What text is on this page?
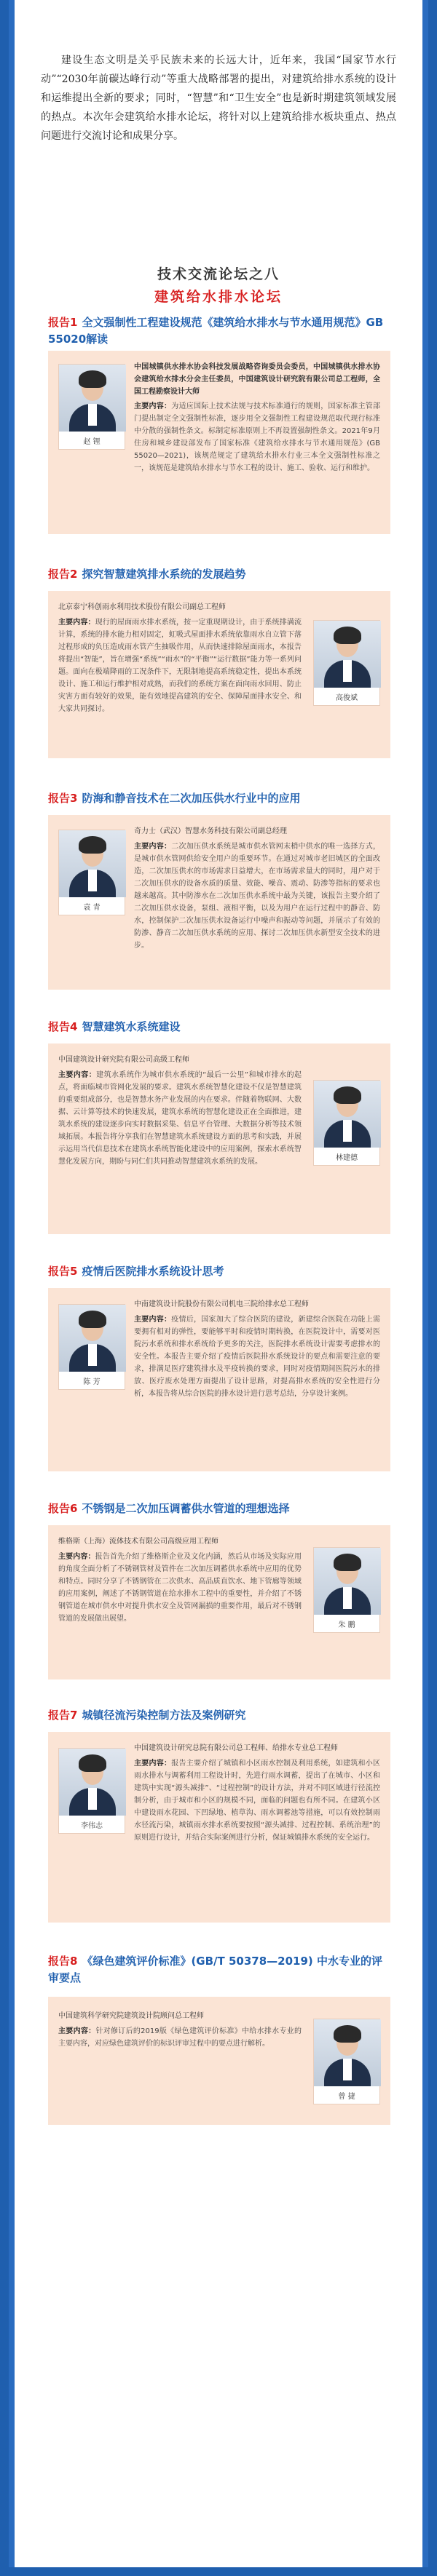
建设生态文明是关乎民族未来的长远大计，近年来，我国“国家节水行动”“2030年前碳达峰行动”等重大战略部署的提出，对建筑给排水系统的设计和运维提出全新的要求；同时，“智慧”和“卫生安全”也是新时期建筑领域发展的热点。本次年会建筑给水排水论坛，将针对以上建筑给排水板块重点、热点问题进行交流讨论和成果分享。

技术交流论坛之八
建筑给水排水论坛
报告1 全文强制性工程建设规范《建筑给水排水与节水通用规范》GB 55020解读
赵 锂
中国城镇供水排水协会科技发展战略咨询委员会委员，中国城镇供水排水协会建筑给水排水分会主任委员，中国建筑设计研究院有限公司总工程师，全国工程勘察设计大师
主要内容：为适应国际上技术法规与技术标准通行的规则，国家标准主管部门提出制定全文强制性标准，逐步用全文强制性工程建设规范取代现行标准中分散的强制性条文。标制定标准原则上不再设置强制性条文。2021年9月住房和城乡建设部发布了国家标准《建筑给水排水与节水通用规范》(GB 55020—2021)，该规范规定了建筑给水排水行业三本全文强制性标准之一，该规范是建筑给水排水与节水工程的设计、施工、验收、运行和维护。
报告2 探究智慧建筑排水系统的发展趋势
北京泰宁科创雨水利用技术股份有限公司副总工程师
主要内容：现行的屋面雨水排水系统，按一定重现期设计，由于系统排满流计算，系统的排水能力相对固定，虹吸式屋面排水系统依靠雨水自立管下落过程形成的负压造成雨水管产生抽吸作用，从而快速排除屋面雨水，本报告将提出“智能”，旨在增强“系统”“雨水”的“平衡”“运行数据”能力等一系列问题。面向在极端降雨的工况条件下，无限制地提高系统稳定性，提出本系统设计、施工和运行维护相对成熟，而我们的系统方案在面向雨水回用、防止灾害方面有较好的效果，能有效地提高建筑的安全、保障屋面排水安全、和大家共同探讨。
高俊斌
报告3 防海和静音技术在二次加压供水行业中的应用
袁 青
奇力士（武汉）智慧水务科技有限公司副总经理
主要内容：二次加压供水系统是城市供水管网末梢中供水的唯一选择方式，是城市供水管网供给安全用户的重要环节。在通过对城市老旧城区的全面改造，二次加压供水的市场需求日益增大，在市场需求量大的同时，用户对于二次加压供水的设备水质的质量、效能、噪音、震动、防渗等指标的要求也越来越高。其中防渗水在二次加压供水系统中最为关键，该报告主要介绍了二次加压供水设备，泵组、液相平衡，以及为用户在运行过程中的静音、防水，控制保护二次加压供水设备运行中噪声和振动等问题，并展示了有效的防渗、静音二次加压供水系统的应用、探讨二次加压供水新型安全技术的进步。
报告4 智慧建筑水系统建设
中国建筑设计研究院有限公司高级工程师
主要内容：建筑水系统作为城市供水系统的“最后一公里”和城市排水的起点，将面临城市管网化发展的要求。建筑水系统智慧化建设不仅是智慧建筑的重要组成部分，也是智慧水务产业发展的内在要求。伴随着物联网、大数据、云计算等技术的快速发展，建筑水系统的智慧化建设正在全面推进，建筑水系统的建设逐步向实时数据采集、信息平台管理、大数据分析等技术领域拓展。本报告将分享我们在智慧建筑水系统建设方面的思考和实践，并展示运用当代信息技术在建筑水系统智能化建设中的应用案例，探索水系统智慧化发展方向，期盼与同仁们共同推动智慧建筑水系统的发展。	林建德
报告5 疫情后医院排水系统设计思考
陈 芳
中南建筑设计院股份有限公司机电三院给排水总工程师
主要内容：疫情后，国家加大了综合医院的建设，新建综合医院在功能上需要拥有相对的弹性，要能够平时和疫情时期转换，在医院设计中，需要对医院污水系统和排水系统给予更多的关注，医院排水系统设计需要考虑排水的安全性。本报告主要介绍了疫情后医院排水系统设计的要点和需要注意的要求，排满足医疗建筑排水及平疫转换的要求，同时对疫情期间医院污水的排放、医疗废水处理方面提出了设计思路，对提高排水系统的安全性进行分析，本报告将从综合医院的排水设计进行思考总结，分享设计案例。
报告6 不锈钢是二次加压调蓄供水管道的理想选择
维格斯（上海）流体技术有限公司高级应用工程师
主要内容：报告首先介绍了维格斯企业及文化内涵，然后从市场及实际应用的角度全面分析了不锈钢管材及管件在二次加压调蓄供水系统中应用的优势和特点。同时分享了不锈钢管在二次供水、高品质直饮水、地下管廊等领域的应用案例，阐述了不锈钢管道在给水排水工程中的重要性，并介绍了不锈钢管道在城市供水中对提升供水安全及管网漏损的重要作用，最后对不锈钢管道的发展做出展望。
朱 鹏
报告7 城镇径流污染控制方法及案例研究
李伟志
中国建筑设计研究总院有限公司总工程师、给排水专业总工程师
主要内容：报告主要介绍了城镇和小区雨水控制及利用系统，如建筑和小区雨水排水与调蓄利用工程设计时，先进行雨水调蓄，提出了在城市、小区和建筑中实现“源头减排”、“过程控制”的设计方法，并对不同区域进行径流控制分析，由于城市和小区的规模不同，面临的问题也有所不同。在建筑小区中建设雨水花园、下凹绿地、植草沟、雨水调蓄池等措施，可以有效控制雨水径流污染，城镇雨水排水系统要按照“源头减排、过程控制、系统治理”的原则进行设计，并结合实际案例进行分析，保证城镇排水系统的安全运行。
报告8 《绿色建筑评价标准》(GB/T 50378—2019) 中水专业的评审要点
中国建筑科学研究院建筑设计院顾问总工程师
主要内容：针对修订后的2019版《绿色建筑评价标准》中给水排水专业的主要内容，对应绿色建筑评价的标识评审过程中的要点进行解析。
曾 捷
